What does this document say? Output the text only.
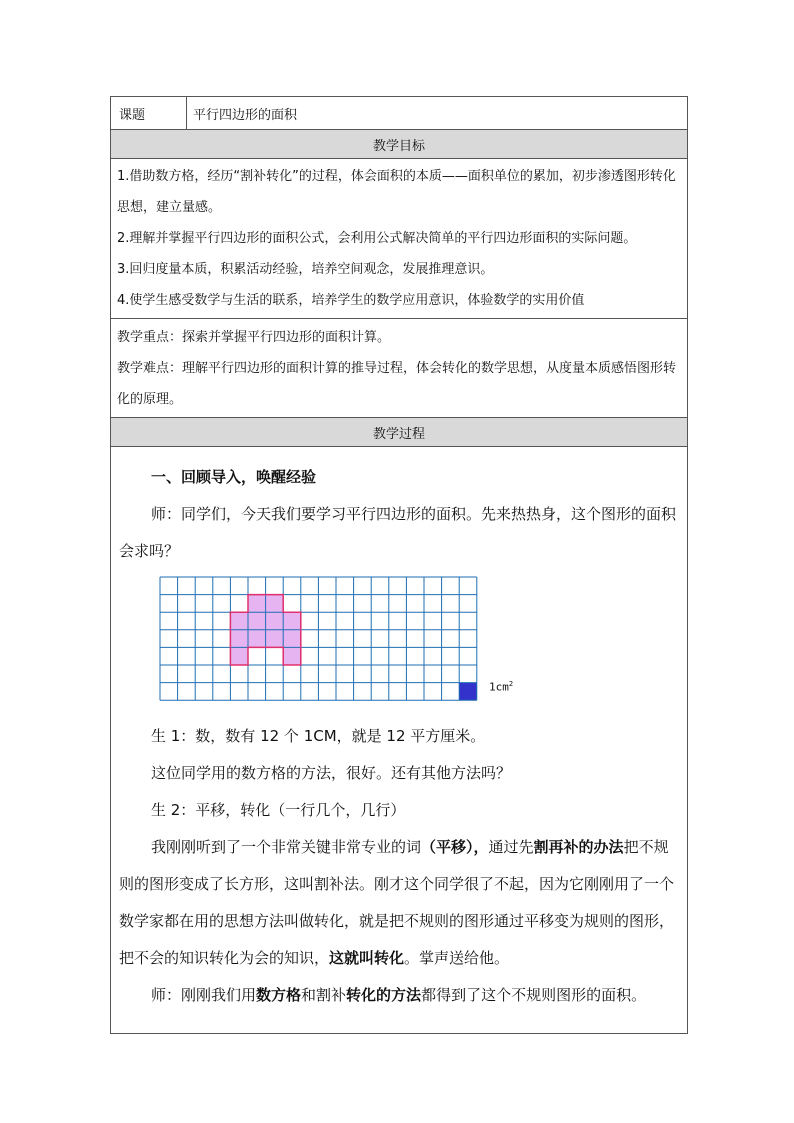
课题	平行四边形的面积
教学目标

1.借助数方格，经历“割补转化”的过程，体会面积的本质——面积单位的累加，初步渗透图形转化思想，建立量感。

2.理解并掌握平行四边形的面积公式，会利用公式解决简单的平行四边形面积的实际问题。

3.回归度量本质，积累活动经验，培养空间观念，发展推理意识。

4.使学生感受数学与生活的联系，培养学生的数学应用意识，体验数学的实用价值

教学重点：探索并掌握平行四边形的面积计算。

教学难点：理解平行四边形的面积计算的推导过程，体会转化的数学思想，从度量本质感悟图形转化的原理。

教学过程

一、回顾导入，唤醒经验

师：同学们，今天我们要学习平行四边形的面积。先来热热身，这个图形的面积会求吗？

$1cm^2$

生 1：数，数有 12 个 1CM，就是 12 平方厘米。

这位同学用的数方格的方法，很好。还有其他方法吗？

生 2：平移，转化（一行几个，几行）

我刚刚听到了一个非常关键非常专业的词（平移），通过先割再补的办法把不规则的图形变成了长方形，这叫割补法。刚才这个同学很了不起，因为它刚刚用了一个数学家都在用的思想方法叫做转化，就是把不规则的图形通过平移变为规则的图形，把不会的知识转化为会的知识，这就叫转化。掌声送给他。

师：刚刚我们用数方格和割补转化的方法都得到了这个不规则图形的面积。
